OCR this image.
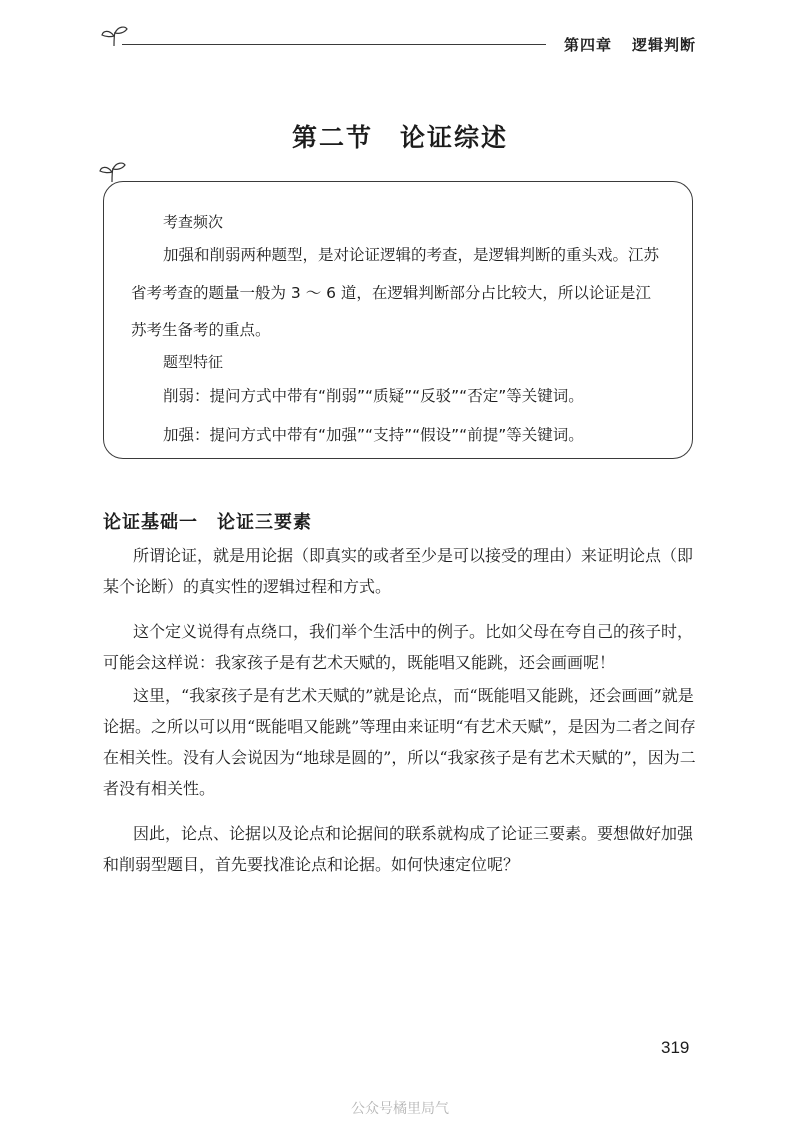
第四章 逻辑判断
第二节　论证综述
考查频次
加强和削弱两种题型，是对论证逻辑的考查，是逻辑判断的重头戏。江苏
省考考查的题量一般为 3 ～ 6 道，在逻辑判断部分占比较大，所以论证是江
苏考生备考的重点。
题型特征
削弱：提问方式中带有“削弱”“质疑”“反驳”“否定”等关键词。
加强：提问方式中带有“加强”“支持”“假设”“前提”等关键词。
论证基础一　论证三要素
所谓论证，就是用论据（即真实的或者至少是可以接受的理由）来证明论点（即某个论断）的真实性的逻辑过程和方式。
这个定义说得有点绕口，我们举个生活中的例子。比如父母在夸自己的孩子时，可能会这样说：我家孩子是有艺术天赋的，既能唱又能跳，还会画画呢！
这里，“我家孩子是有艺术天赋的”就是论点，而“既能唱又能跳，还会画画”就是论据。之所以可以用“既能唱又能跳”等理由来证明“有艺术天赋”，是因为二者之间存在相关性。没有人会说因为“地球是圆的”，所以“我家孩子是有艺术天赋的”，因为二者没有相关性。
因此，论点、论据以及论点和论据间的联系就构成了论证三要素。要想做好加强和削弱型题目，首先要找准论点和论据。如何快速定位呢？
319
公众号橘里局气
